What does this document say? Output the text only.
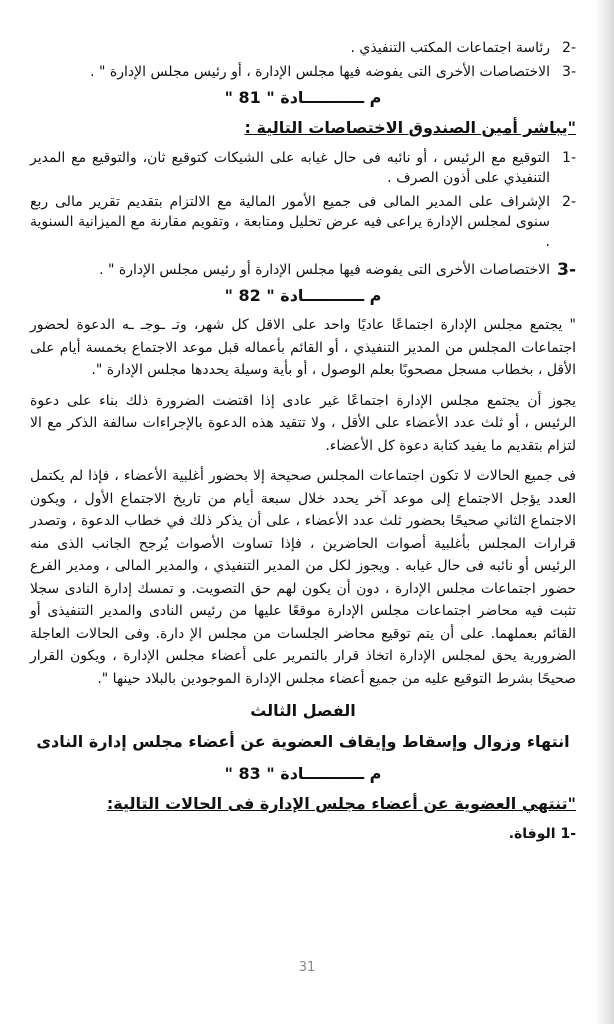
-2
رئاسة اجتماعات المكتب التنفيذي .
-3
الاختصاصات الأخرى التى يفوضه فيها مجلس الإدارة ، أو رئيس مجلس الإدارة " .
م ـــــــــــادة " 81 "
"يباشر أمين الصندوق الاختصاصات التالية :
-1
التوقيع مع الرئيس ، أو نائبه فى حال غيابه على الشيكات كتوقيع ثان، والتوقيع مع المدير التنفيذي على أذون الصرف .
-2
الإشراف على المدير المالى فى جميع الأمور المالية مع الالتزام بتقديم تقرير مالى ربع سنوى لمجلس الإدارة يراعى فيه عرض تحليل ومتابعة ، وتقويم مقارنة مع الميزانية السنوية .
-3
الاختصاصات الأخرى التى يفوضه فيها مجلس الإدارة أو رئيس مجلس الإدارة " .
م ـــــــــــادة " 82 "

" يجتمع مجلس الإدارة اجتماعًا عاديًا واحد على الاقل كل شهر، وتـ ـوجـ ـه الدعوة لحضور اجتماعات المجلس من المدير التنفيذي ، أو القائم بأعماله قبل موعد الاجتماع بخمسة أيام على الأقل ، بخطاب مسجل مصحوبًا بعلم الوصول ، أو بأية وسيلة يحددها مجلس الإدارة ".

يجوز أن يجتمع مجلس الإدارة اجتماعًا غير عادى إذا اقتضت الضرورة ذلك بناء على دعوة الرئيس ، أو ثلث عدد الأعضاء على الأقل ، ولا تتقيد هذه الدعوة بالإجراءات سالفة الذكر مع الا لتزام بتقديم ما يفيد كتابة دعوة كل الأعضاء.

فى جميع الحالات لا تكون اجتماعات المجلس صحيحة إلا بحضور أغلبية الأعضاء ، فإذا لم يكتمل العدد يؤجل الاجتماع إلى موعد آخر يحدد خلال سبعة أيام من تاريخ الاجتماع الأول ، ويكون الاجتماع الثاني صحيحًا بحضور ثلث عدد الأعضاء ، على أن يذكر ذلك في خطاب الدعوة ، وتصدر قرارات المجلس بأغلبية أصوات الحاضرين ، فإذا تساوت الأصوات يُرجح الجانب الذى منه الرئيس أو نائبه فى حال غيابه . ويجوز لكل من المدير التنفيذي ، والمدير المالى ، ومدير الفرع حضور اجتماعات مجلس الإدارة ، دون أن يكون لهم حق التصويت. و تمسك إدارة النادى سجلا تثبت فيه محاضر اجتماعات مجلس الإدارة موقعًا عليها من رئيس النادى والمدير التنفيذى أو القائم بعملهما. على أن يتم توقيع محاضر الجلسات من مجلس الإ دارة. وفى الحالات العاجلة الضرورية يحق لمجلس الإدارة اتخاذ قرار بالتمرير على أعضاء مجلس الإدارة ، ويكون القرار صحيحًا بشرط التوقيع عليه من جميع أعضاء مجلس الإدارة الموجودين بالبلاد حينها ".

الفصل الثالث
انتهاء وزوال وإسقاط وإيقاف العضوية عن أعضاء مجلس إدارة النادى
م ـــــــــــادة " 83 "
"تنتهي العضوية عن أعضاء مجلس الإدارة فى الحالات التالية:
-1 الوفاة.
31
